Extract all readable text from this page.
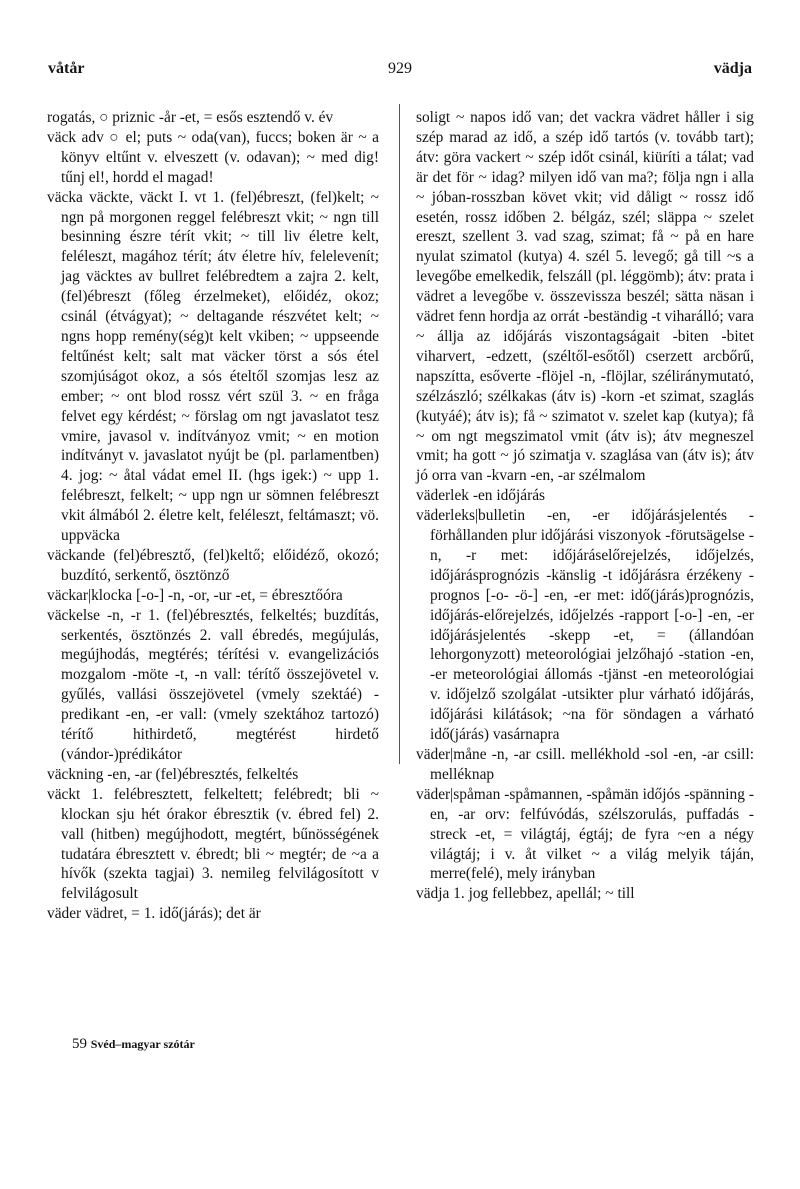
våtår	929	vädja

rogatás, ○ priznic -år -et, = esős esztendő v. év

väck adv ○ el; puts ~ oda(van), fuccs; boken är ~ a könyv eltűnt v. elveszett (v. odavan); ~ med dig! tűnj el!, hordd el magad!

väcka väckte, väckt I. vt 1. (fel)ébreszt, (fel)kelt; ~ ngn på morgonen reggel felébreszt vkit; ~ ngn till besinning észre térít vkit; ~ till liv életre kelt, feléleszt, magához térít; átv életre hív, felelevenít; jag väcktes av bullret felébredtem a zajra 2. kelt, (fel)ébreszt (főleg érzelmeket), előidéz, okoz; csinál (étvágyat); ~ deltagande részvétet kelt; ~ ngns hopp remény(ség)t kelt vkiben; ~ uppseende feltűnést kelt; salt mat väcker törst a sós étel szomjúságot okoz, a sós ételtől szomjas lesz az ember; ~ ont blod rossz vért szül 3. ~ en fråga felvet egy kérdést; ~ förslag om ngt javaslatot tesz vmire, javasol v. indítványoz vmit; ~ en motion indítványt v. javaslatot nyújt be (pl. parlamentben) 4. jog: ~ åtal vádat emel II. (hgs igek:) ~ upp 1. felébreszt, felkelt; ~ upp ngn ur sömnen felébreszt vkit álmából 2. életre kelt, feléleszt, feltámaszt; vö. uppväcka

väckande (fel)ébresztő, (fel)keltő; előidéző, okozó; buzdító, serkentő, ösztönző

väckar|klocka [-o-] -n, -or, -ur -et, = ébresztőóra

väckelse -n, -r 1. (fel)ébresztés, felkeltés; buzdítás, serkentés, ösztönzés 2. vall ébredés, megújulás, megújhodás, megtérés; térítési v. evangelizációs mozgalom -möte -t, -n vall: térítő összejövetel v. gyűlés, vallási összejövetel (vmely szektáé) -predikant -en, -er vall: (vmely szektához tartozó) térítő hithirdető, megtérést hirdető (vándor-)prédikátor

väckning -en, -ar (fel)ébresztés, felkeltés

väckt 1. felébresztett, felkeltett; felébredt; bli ~ klockan sju hét órakor ébresztik (v. ébred fel) 2. vall (hitben) megújhodott, megtért, bűnösségének tudatára ébresztett v. ébredt; bli ~ megtér; de ~a a hívők (szekta tagjai) 3. nemileg felvilágosított v felvilágosult

väder vädret, = 1. idő(járás); det är

soligt ~ napos idő van; det vackra vädret håller i sig szép marad az idő, a szép idő tartós (v. tovább tart); átv: göra vackert ~ szép időt csinál, kiüríti a tálat; vad är det för ~ idag? milyen idő van ma?; följa ngn i alla ~ jóban-rosszban követ vkit; vid dåligt ~ rossz idő esetén, rossz időben 2. bélgáz, szél; släppa ~ szelet ereszt, szellent 3. vad szag, szimat; få ~ på en hare nyulat szimatol (kutya) 4. szél 5. levegő; gå till ~s a levegőbe emelkedik, felszáll (pl. léggömb); átv: prata i vädret a levegőbe v. összevissza beszél; sätta näsan i vädret fenn hordja az orrát -beständig -t viharálló; vara ~ állja az időjárás viszontagságait -biten -bitet viharvert, -edzett, (széltől-esőtől) cserzett arcbőrű, napszítta, esőverte -flöjel -n, -flöjlar, széliránymutató, szélzászló; szélkakas (átv is) -korn -et szimat, szaglás (kutyáé); átv is); få ~ szimatot v. szelet kap (kutya); få ~ om ngt megszimatol vmit (átv is); átv megneszel vmit; ha gott ~ jó szimatja v. szaglása van (átv is); átv jó orra van -kvarn -en, -ar szélmalom

väderlek -en időjárás

väderleks|bulletin -en, -er időjárásjelentés -förhållanden plur időjárási viszonyok -förutsägelse -n, -r met: időjáráselőrejelzés, időjelzés, időjárásprognózis -känslig -t időjárásra érzékeny -prognos [-o- -ö-] -en, -er met: idő(járás)prognózis, időjárás-előrejelzés, időjelzés -rapport [-o-] -en, -er időjárásjelentés -skepp -et, = (állandóan lehorgonyzott) meteorológiai jelzőhajó -station -en, -er meteorológiai állomás -tjänst -en meteorológiai v. időjelző szolgálat -utsikter plur várható időjárás, időjárási kilátások; ~na för söndagen a várható idő(járás) vasárnapra

väder|måne -n, -ar csill. mellékhold -sol -en, -ar csill: melléknap

väder|spåman -spåmannen, -spåmän időjós -spänning -en, -ar orv: felfúvódás, szélszorulás, puffadás -streck -et, = világtáj, égtáj; de fyra ~en a négy világtáj; i v. åt vilket ~ a világ melyik táján, merre(felé), mely irányban

vädja 1. jog fellebbez, apellál; ~ till

59 Svéd–magyar szótár
